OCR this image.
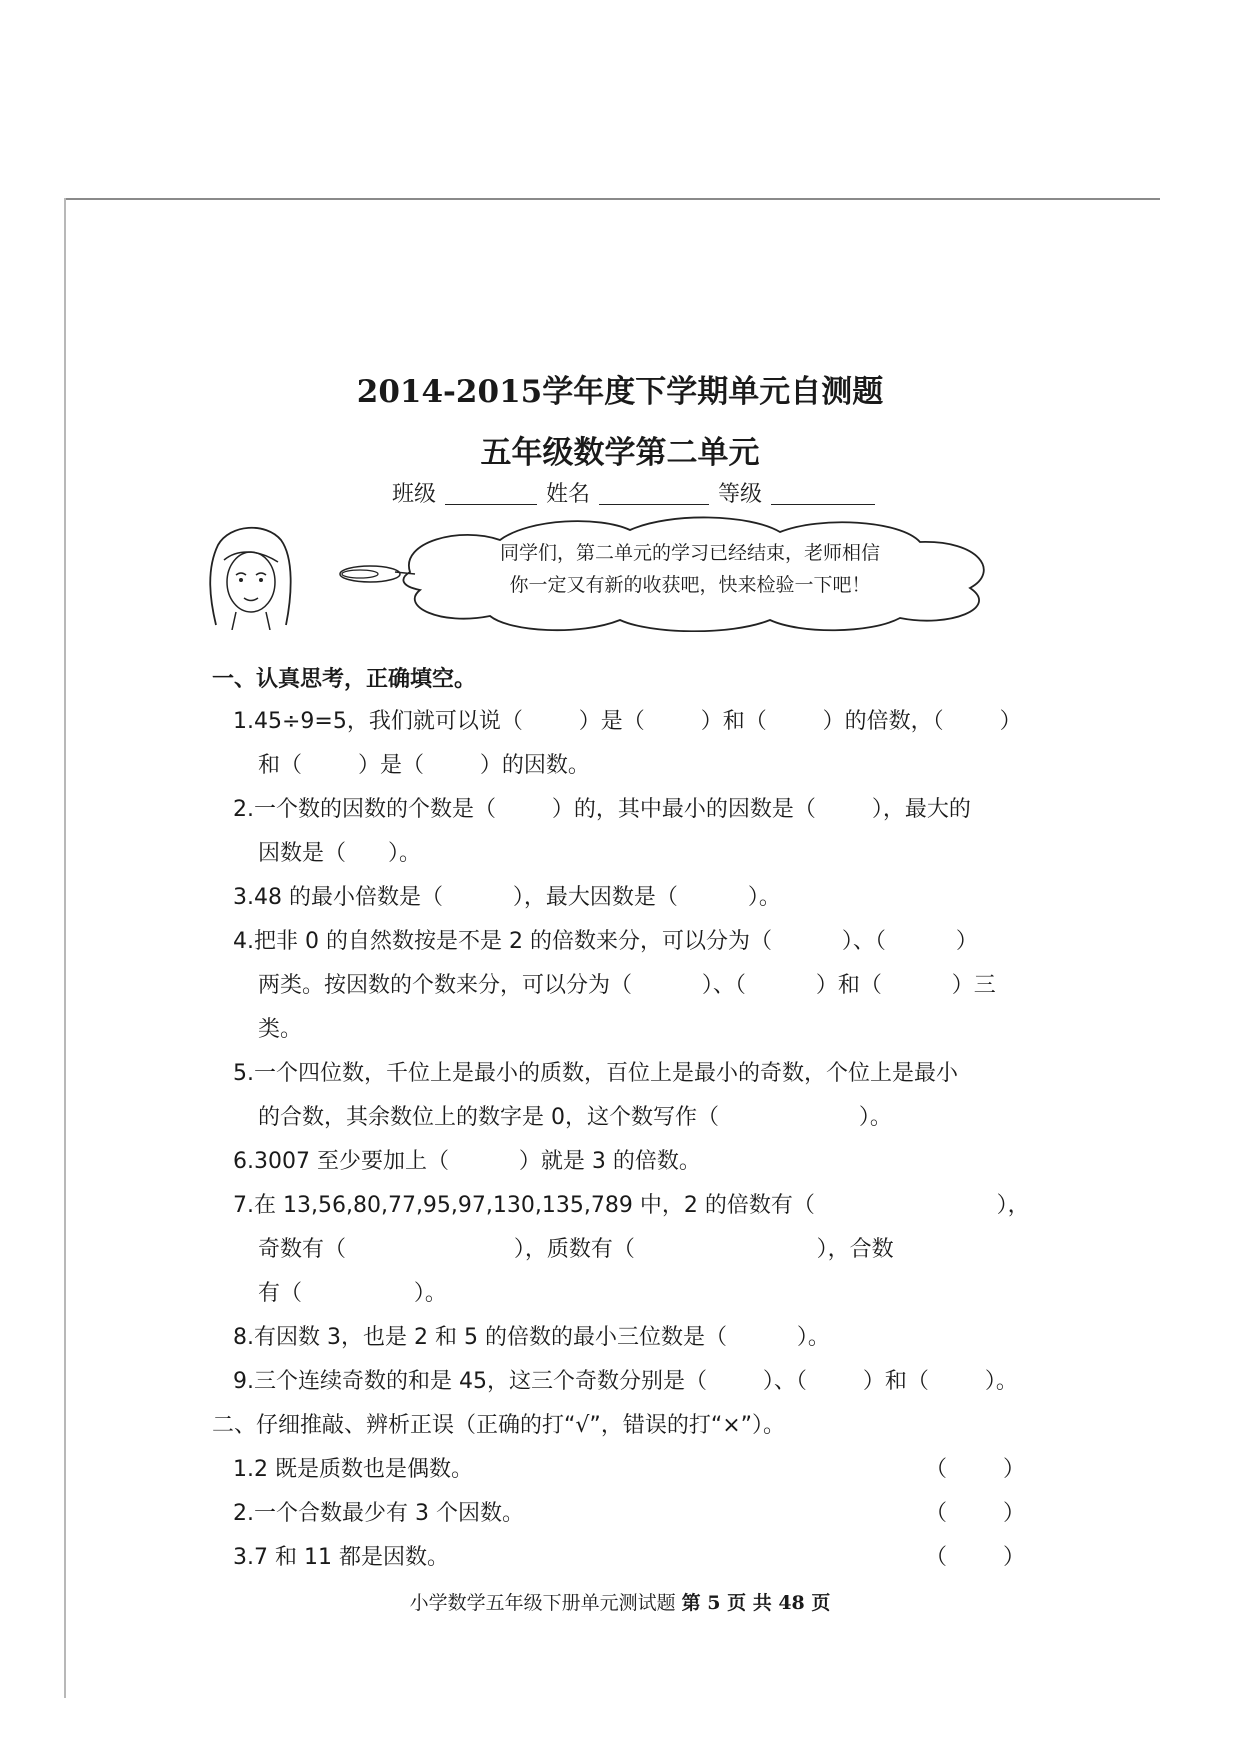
2014-2015学年度下学期单元自测题
五年级数学第二单元
班级	姓名	等级
同学们，第二单元的学习已经结束，老师相信
你一定又有新的收获吧，快来检验一下吧！
一、认真思考，正确填空。
1.45÷9=5，我们就可以说（        ）是（        ）和（        ）的倍数，（        ）
和（        ）是（        ）的因数。
2.一个数的因数的个数是（        ）的，其中最小的因数是（        ），最大的
因数是（      ）。
3.48 的最小倍数是（          ），最大因数是（          ）。
4.把非 0 的自然数按是不是 2 的倍数来分，可以分为（          ）、（          ）
两类。按因数的个数来分，可以分为（          ）、（          ）和（          ）三
类。
5.一个四位数，千位上是最小的质数，百位上是最小的奇数，个位上是最小
的合数，其余数位上的数字是 0，这个数写作（                    ）。
6.3007 至少要加上（          ）就是 3 的倍数。
7.在 13,56,80,77,95,97,130,135,789 中，2 的倍数有（                          ），
奇数有（                        ），质数有（                          ），合数
有（                ）。
8.有因数 3，也是 2 和 5 的倍数的最小三位数是（          ）。
9.三个连续奇数的和是 45，这三个奇数分别是（        ）、（        ）和（        ）。
二、仔细推敲、辨析正误（正确的打“√”，错误的打“×”）。
1.2 既是质数也是偶数。	（        ）
2.一个合数最少有 3 个因数。	（        ）
3.7 和 11 都是因数。	（        ）
小学数学五年级下册单元测试题 第 5 页 共 48 页
